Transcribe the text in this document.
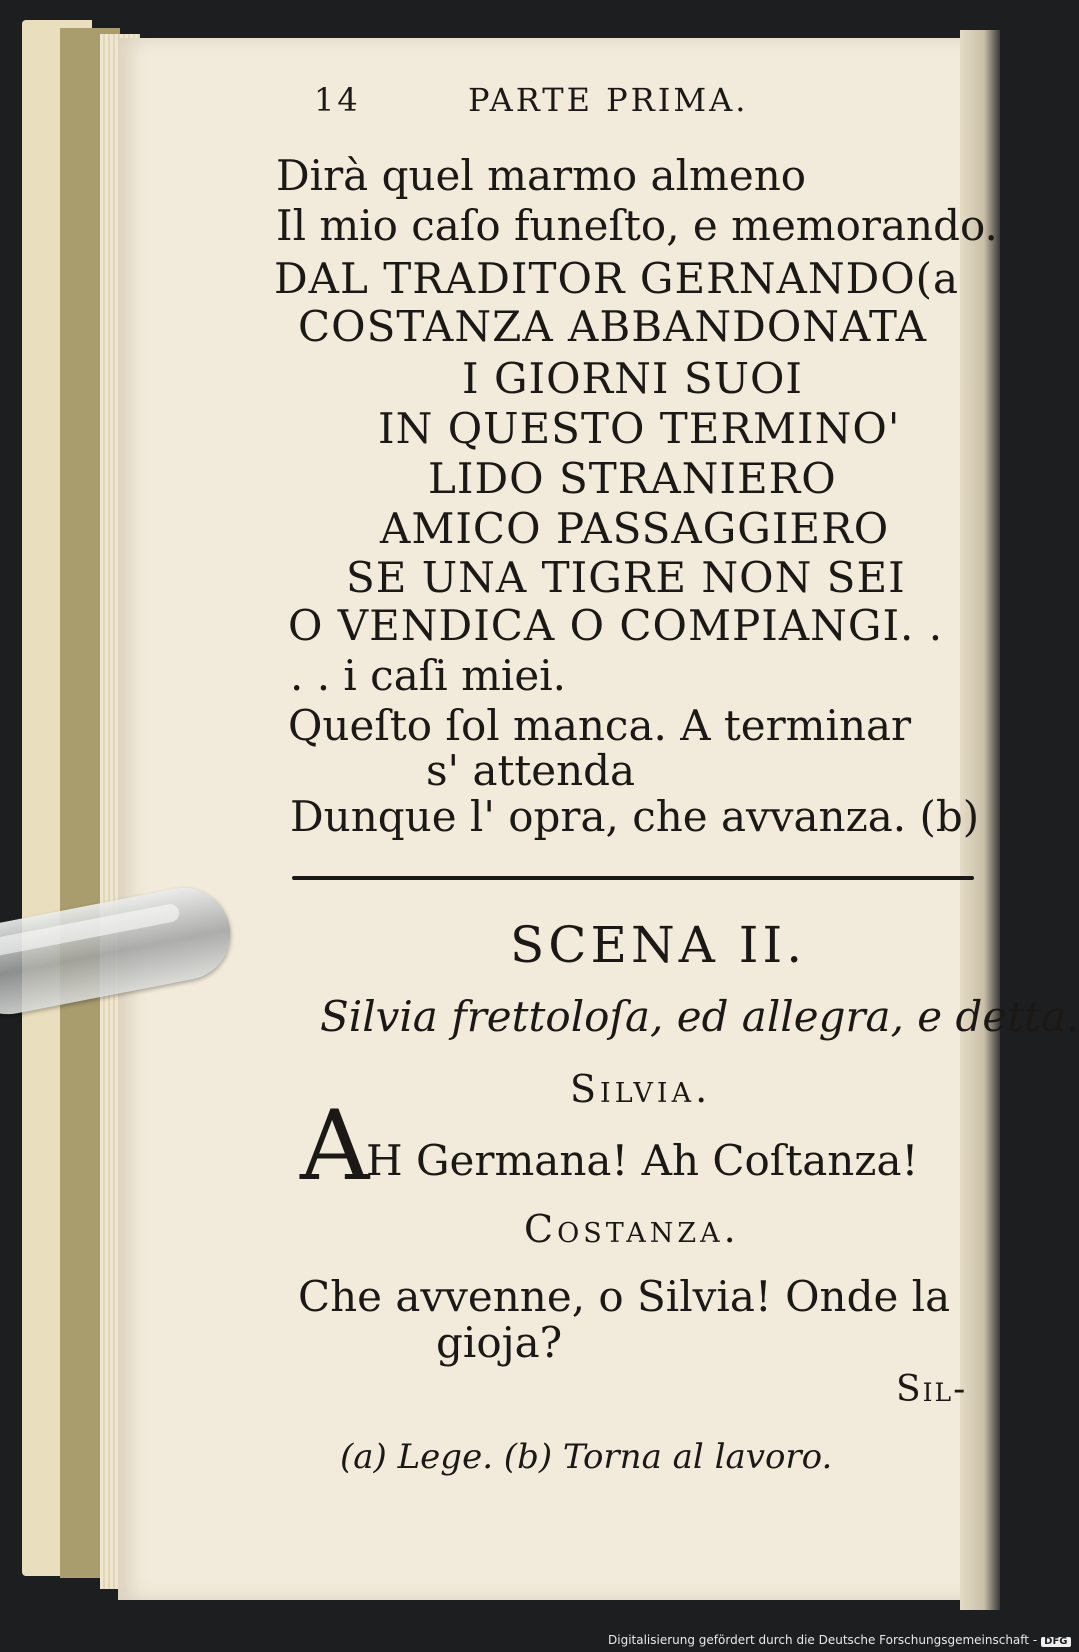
14	PARTE PRIMA.
Dirà quel marmo almeno
Il mio caſo funeſto, e memorando.
DAL TRADITOR GERNANDO(a
COSTANZA ABBANDONATA
I GIORNI SUOI
IN QUESTO TERMINO'
LIDO STRANIERO
AMICO PASSAGGIERO
SE UNA TIGRE NON SEI
O VENDICA O COMPIANGI. .
. . i caſi miei.
Queſto ſol manca. A terminar
s' attenda
Dunque l' opra, che avvanza. (b)
SCENA II.
Silvia frettoloſa, ed allegra, e detta.
Silvia.
A
H Germana! Ah Coſtanza!
Costanza.
Che avvenne, o Silvia! Onde la
gioja?
Sil-
(a) Lege. (b) Torna al lavoro.
Digitalisierung gefördert durch die Deutsche Forschungsgemeinschaft - DFG
